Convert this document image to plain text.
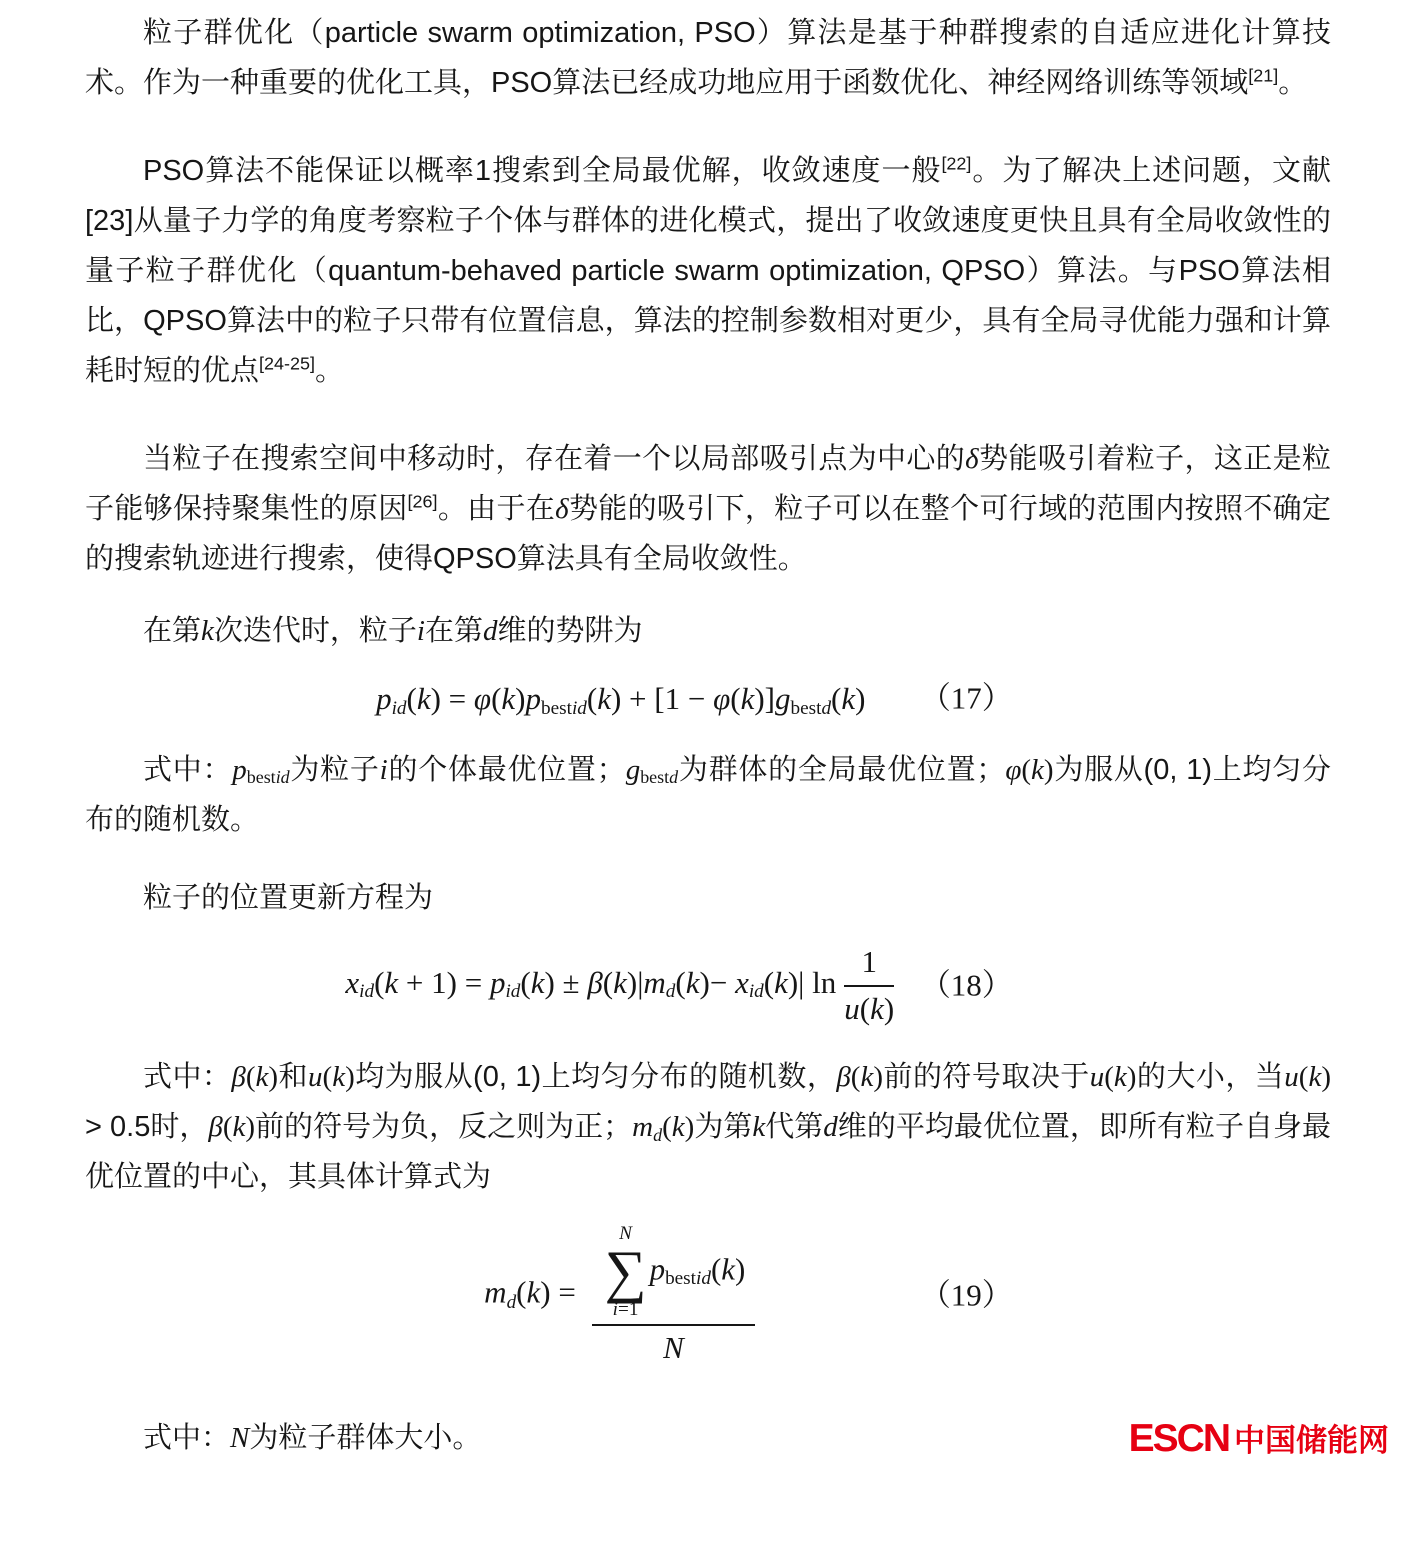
粒子群优化（particle swarm optimization, PSO）算法是基于种群搜索的自适应进化计算技术。作为一种重要的优化工具，PSO算法已经成功地应用于函数优化、神经网络训练等领域[21]。
PSO算法不能保证以概率1搜索到全局最优解，收敛速度一般[22]。为了解决上述问题，文献[23]从量子力学的角度考察粒子个体与群体的进化模式，提出了收敛速度更快且具有全局收敛性的量子粒子群优化（quantum-behaved particle swarm optimization, QPSO）算法。与PSO算法相比，QPSO算法中的粒子只带有位置信息，算法的控制参数相对更少，具有全局寻优能力强和计算耗时短的优点[24-25]。
当粒子在搜索空间中移动时，存在着一个以局部吸引点为中心的δ势能吸引着粒子，这正是粒子能够保持聚集性的原因[26]。由于在δ势能的吸引下，粒子可以在整个可行域的范围内按照不确定的搜索轨迹进行搜索，使得QPSO算法具有全局收敛性。
在第k次迭代时，粒子i在第d维的势阱为
pid(k) = φ(k)pbestid(k) + [1 − φ(k)]gbestd(k)	（17）
式中：pbestid为粒子i的个体最优位置；gbestd为群体的全局最优位置；φ(k)为服从(0, 1)上均匀分布的随机数。
粒子的位置更新方程为
xid(k + 1) = pid(k) ± β(k)|md(k)− xid(k)| $\ln \frac{1}{u(k)} (18)$
式中：β(k)和u(k)均为服从(0, 1)上均匀分布的随机数，β(k)前的符号取决于u(k)的大小，当u(k) > 0.5时，β(k)前的符号为负，反之则为正；md(k)为第k代第d维的平均最优位置，即所有粒子自身最优位置的中心，其具体计算式为
md(k) = N
∑
i=1
pbestid(k)
N	（19）
式中：N为粒子群体大小。	ESCN 中国储能网
